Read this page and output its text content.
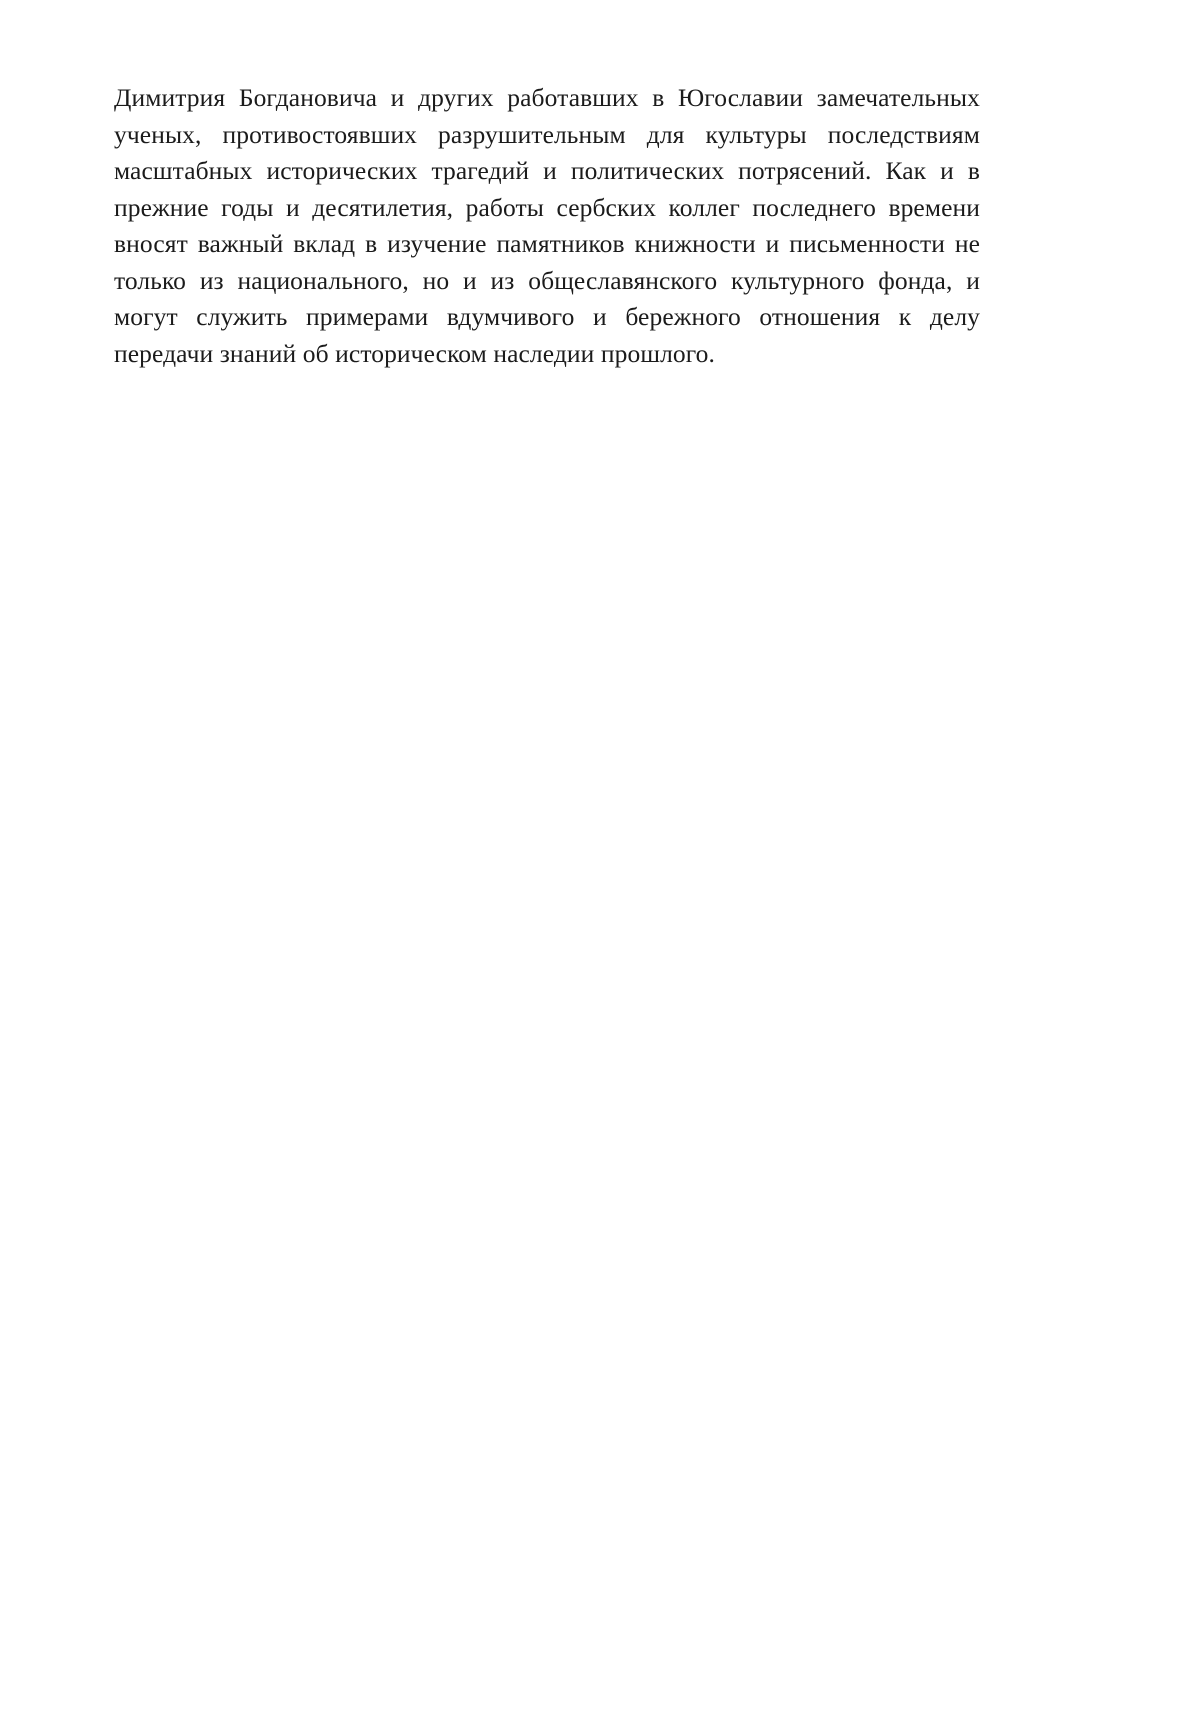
Димитрия Богдановича и других работавших в Югославии замечательных ученых, противостоявших разрушительным для культуры последствиям масштабных исторических трагедий и политических потрясений. Как и в прежние годы и десятилетия, работы сербских коллег последнего времени вносят важный вклад в изучение памятников книжности и письменности не только из национального, но и из общеславянского культурного фонда, и могут служить примерами вдумчивого и бережного отношения к делу передачи знаний об историческом наследии прошлого.
